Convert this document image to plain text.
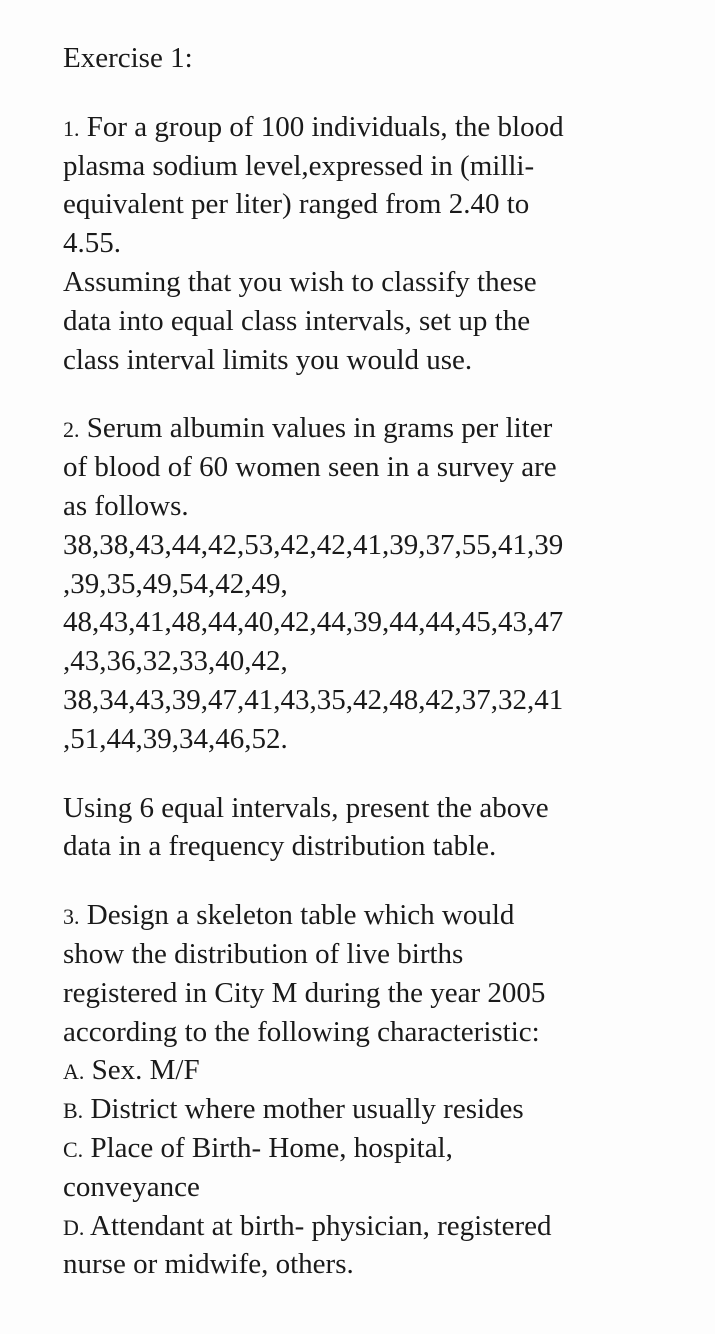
Exercise 1:
1. For a group of 100 individuals, the blood
plasma sodium level,expressed in (milli-
equivalent per liter) ranged from 2.40 to
4.55.
Assuming that you wish to classify these
data into equal class intervals, set up the
class interval limits you would use.
2. Serum albumin values in grams per liter
of blood of 60 women seen in a survey are
as follows.
38,38,43,44,42,53,42,42,41,39,37,55,41,39
,39,35,49,54,42,49,
48,43,41,48,44,40,42,44,39,44,44,45,43,47
,43,36,32,33,40,42,
38,34,43,39,47,41,43,35,42,48,42,37,32,41
,51,44,39,34,46,52.
Using 6 equal intervals, present the above
data in a frequency distribution table.
3. Design a skeleton table which would
show the distribution of live births
registered in City M during the year 2005
according to the following characteristic:
A. Sex. M/F
B. District where mother usually resides
C. Place of Birth- Home, hospital,
conveyance
D. Attendant at birth- physician, registered
nurse or midwife, others.
